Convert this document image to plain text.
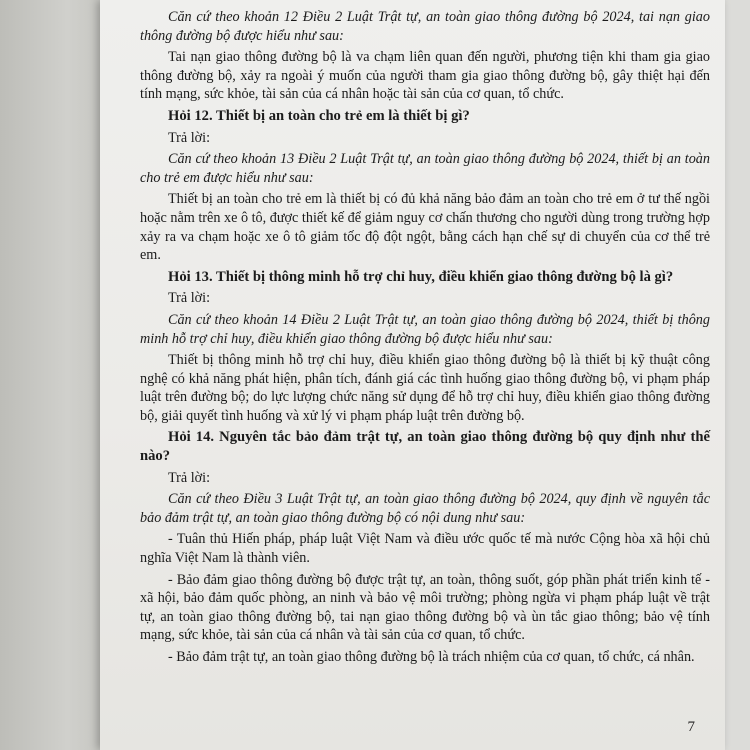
Căn cứ theo khoản 12 Điều 2 Luật Trật tự, an toàn giao thông đường bộ 2024, tai nạn giao thông đường bộ được hiểu như sau:

Tai nạn giao thông đường bộ là va chạm liên quan đến người, phương tiện khi tham gia giao thông đường bộ, xảy ra ngoài ý muốn của người tham gia giao thông đường bộ, gây thiệt hại đến tính mạng, sức khỏe, tài sản của cá nhân hoặc tài sản của cơ quan, tổ chức.

Hỏi 12. Thiết bị an toàn cho trẻ em là thiết bị gì?

Trả lời:

Căn cứ theo khoản 13 Điều 2 Luật Trật tự, an toàn giao thông đường bộ 2024, thiết bị an toàn cho trẻ em được hiểu như sau:

Thiết bị an toàn cho trẻ em là thiết bị có đủ khả năng bảo đảm an toàn cho trẻ em ở tư thế ngồi hoặc nằm trên xe ô tô, được thiết kế để giảm nguy cơ chấn thương cho người dùng trong trường hợp xảy ra va chạm hoặc xe ô tô giảm tốc độ đột ngột, bằng cách hạn chế sự di chuyển của cơ thể trẻ em.

Hỏi 13. Thiết bị thông minh hỗ trợ chỉ huy, điều khiển giao thông đường bộ là gì?

Trả lời:

Căn cứ theo khoản 14 Điều 2 Luật Trật tự, an toàn giao thông đường bộ 2024, thiết bị thông minh hỗ trợ chỉ huy, điều khiển giao thông đường bộ được hiểu như sau:

Thiết bị thông minh hỗ trợ chỉ huy, điều khiển giao thông đường bộ là thiết bị kỹ thuật công nghệ có khả năng phát hiện, phân tích, đánh giá các tình huống giao thông đường bộ, vi phạm pháp luật trên đường bộ; do lực lượng chức năng sử dụng để hỗ trợ chỉ huy, điều khiển giao thông đường bộ, giải quyết tình huống và xử lý vi phạm pháp luật trên đường bộ.

Hỏi 14. Nguyên tắc bảo đảm trật tự, an toàn giao thông đường bộ quy định như thế nào?

Trả lời:

Căn cứ theo Điều 3 Luật Trật tự, an toàn giao thông đường bộ 2024, quy định về nguyên tắc bảo đảm trật tự, an toàn giao thông đường bộ có nội dung như sau:

- Tuân thủ Hiến pháp, pháp luật Việt Nam và điều ước quốc tế mà nước Cộng hòa xã hội chủ nghĩa Việt Nam là thành viên.

- Bảo đảm giao thông đường bộ được trật tự, an toàn, thông suốt, góp phần phát triển kinh tế - xã hội, bảo đảm quốc phòng, an ninh và bảo vệ môi trường; phòng ngừa vi phạm pháp luật về trật tự, an toàn giao thông đường bộ, tai nạn giao thông đường bộ và ùn tắc giao thông; bảo vệ tính mạng, sức khỏe, tài sản của cá nhân và tài sản của cơ quan, tổ chức.

- Bảo đảm trật tự, an toàn giao thông đường bộ là trách nhiệm của cơ quan, tổ chức, cá nhân.

7
